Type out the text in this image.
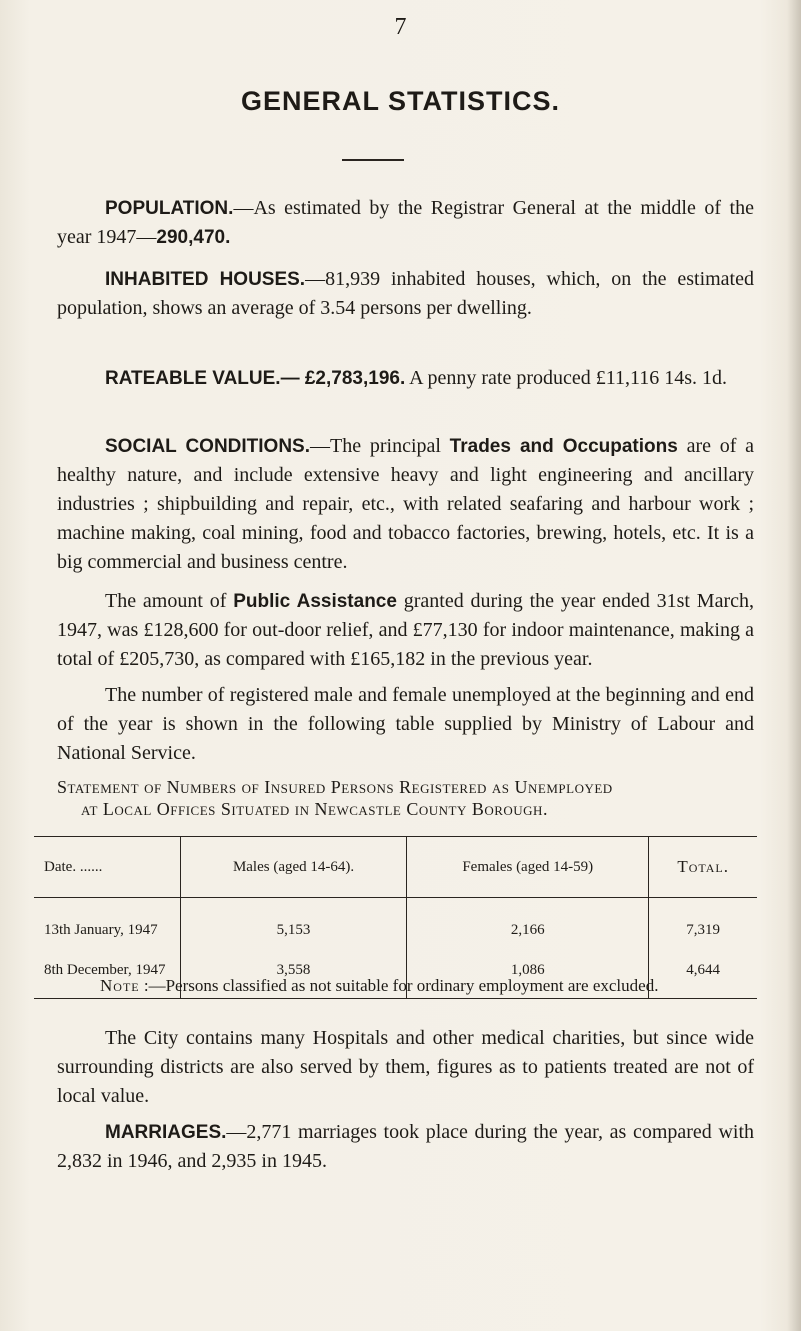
7
GENERAL STATISTICS.
POPULATION.—As estimated by the Registrar General at the middle of the year 1947—290,470.
INHABITED HOUSES.—81,939 inhabited houses, which, on the estimated population, shows an average of 3.54 persons per dwelling.
RATEABLE VALUE.— £2,783,196. A penny rate produced £11,116 14s. 1d.
SOCIAL CONDITIONS.—The principal Trades and Occupations are of a healthy nature, and include extensive heavy and light engineering and ancillary industries ; shipbuilding and repair, etc., with related seafaring and harbour work ; machine making, coal mining, food and tobacco factories, brewing, hotels, etc. It is a big commercial and business centre.
The amount of Public Assistance granted during the year ended 31st March, 1947, was £128,600 for out-door relief, and £77,130 for indoor maintenance, making a total of £205,730, as compared with £165,182 in the previous year.
The number of registered male and female unemployed at the beginning and end of the year is shown in the following table supplied by Ministry of Labour and National Service.
Statement of Numbers of Insured Persons Registered as Unemployed
at Local Offices Situated in Newcastle County Borough.
Date. ......	Males (aged 14-64).	Females (aged 14-59)	Total.
13th January, 1947	5,153	2,166	7,319
8th December, 1947	3,558	1,086	4,644
Note :—Persons classified as not suitable for ordinary employment are excluded.
The City contains many Hospitals and other medical charities, but since wide surrounding districts are also served by them, figures as to patients treated are not of local value.
MARRIAGES.—2,771 marriages took place during the year, as compared with 2,832 in 1946, and 2,935 in 1945.
